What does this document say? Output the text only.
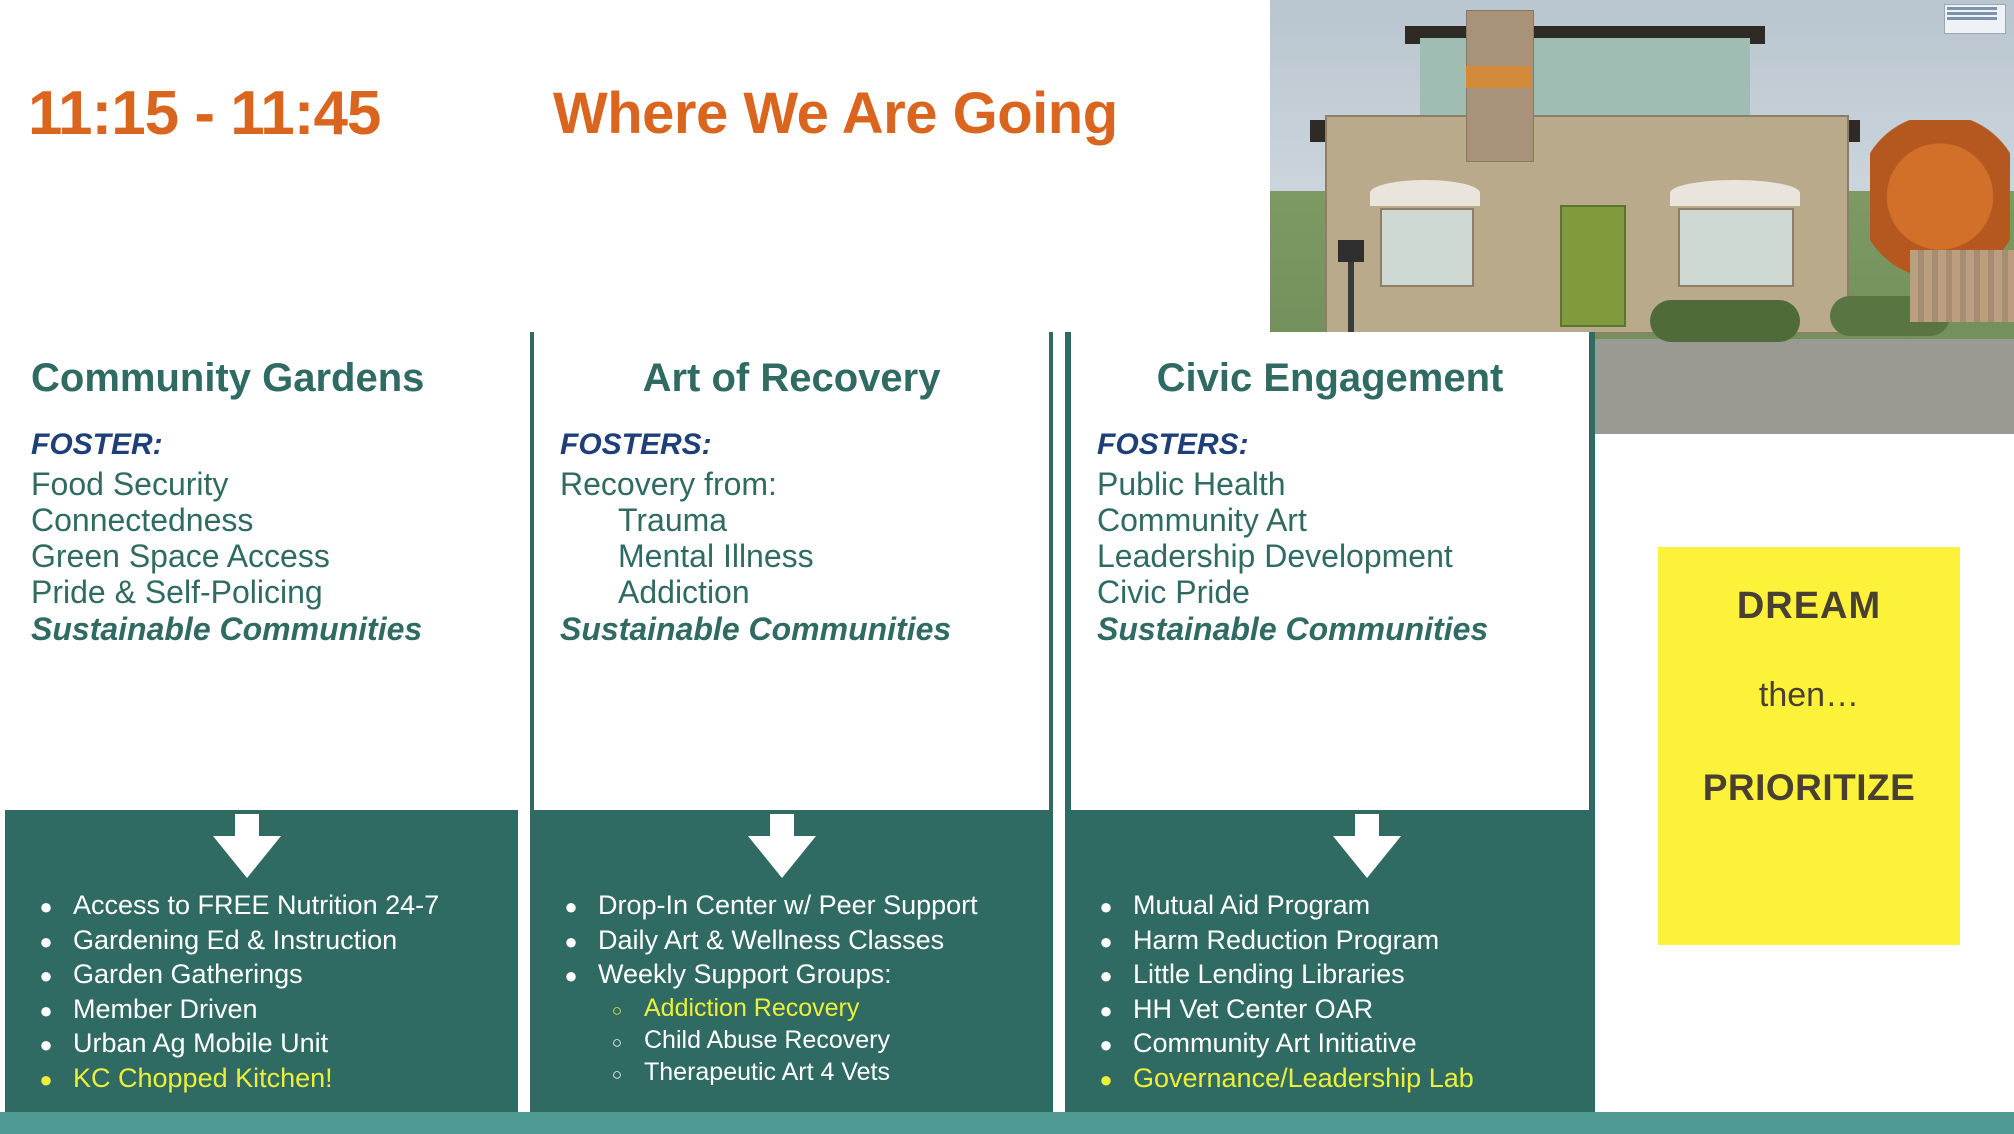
11:15 - 11:45	Where We Are Going
Community Gardens
FOSTER:
Food Security
Connectedness
Green Space Access
Pride & Self-Policing
Sustainable Communities
● Access to FREE Nutrition 24-7
● Gardening Ed & Instruction
● Garden Gatherings
● Member Driven
● Urban Ag Mobile Unit
● KC Chopped Kitchen!
Art of Recovery
FOSTERS:
Recovery from:
Trauma
Mental Illness
Addiction
Sustainable Communities
● Drop-In Center w/ Peer Support
● Daily Art & Wellness Classes
● Weekly Support Groups:
○ Addiction Recovery
○ Child Abuse Recovery
○ Therapeutic Art 4 Vets
Civic Engagement
FOSTERS:
Public Health
Community Art
Leadership Development
Civic Pride
Sustainable Communities
● Mutual Aid Program
● Harm Reduction Program
● Little Lending Libraries
● HH Vet Center OAR
● Community Art Initiative
● Governance/Leadership Lab
DREAM
then…
PRIORITIZE
